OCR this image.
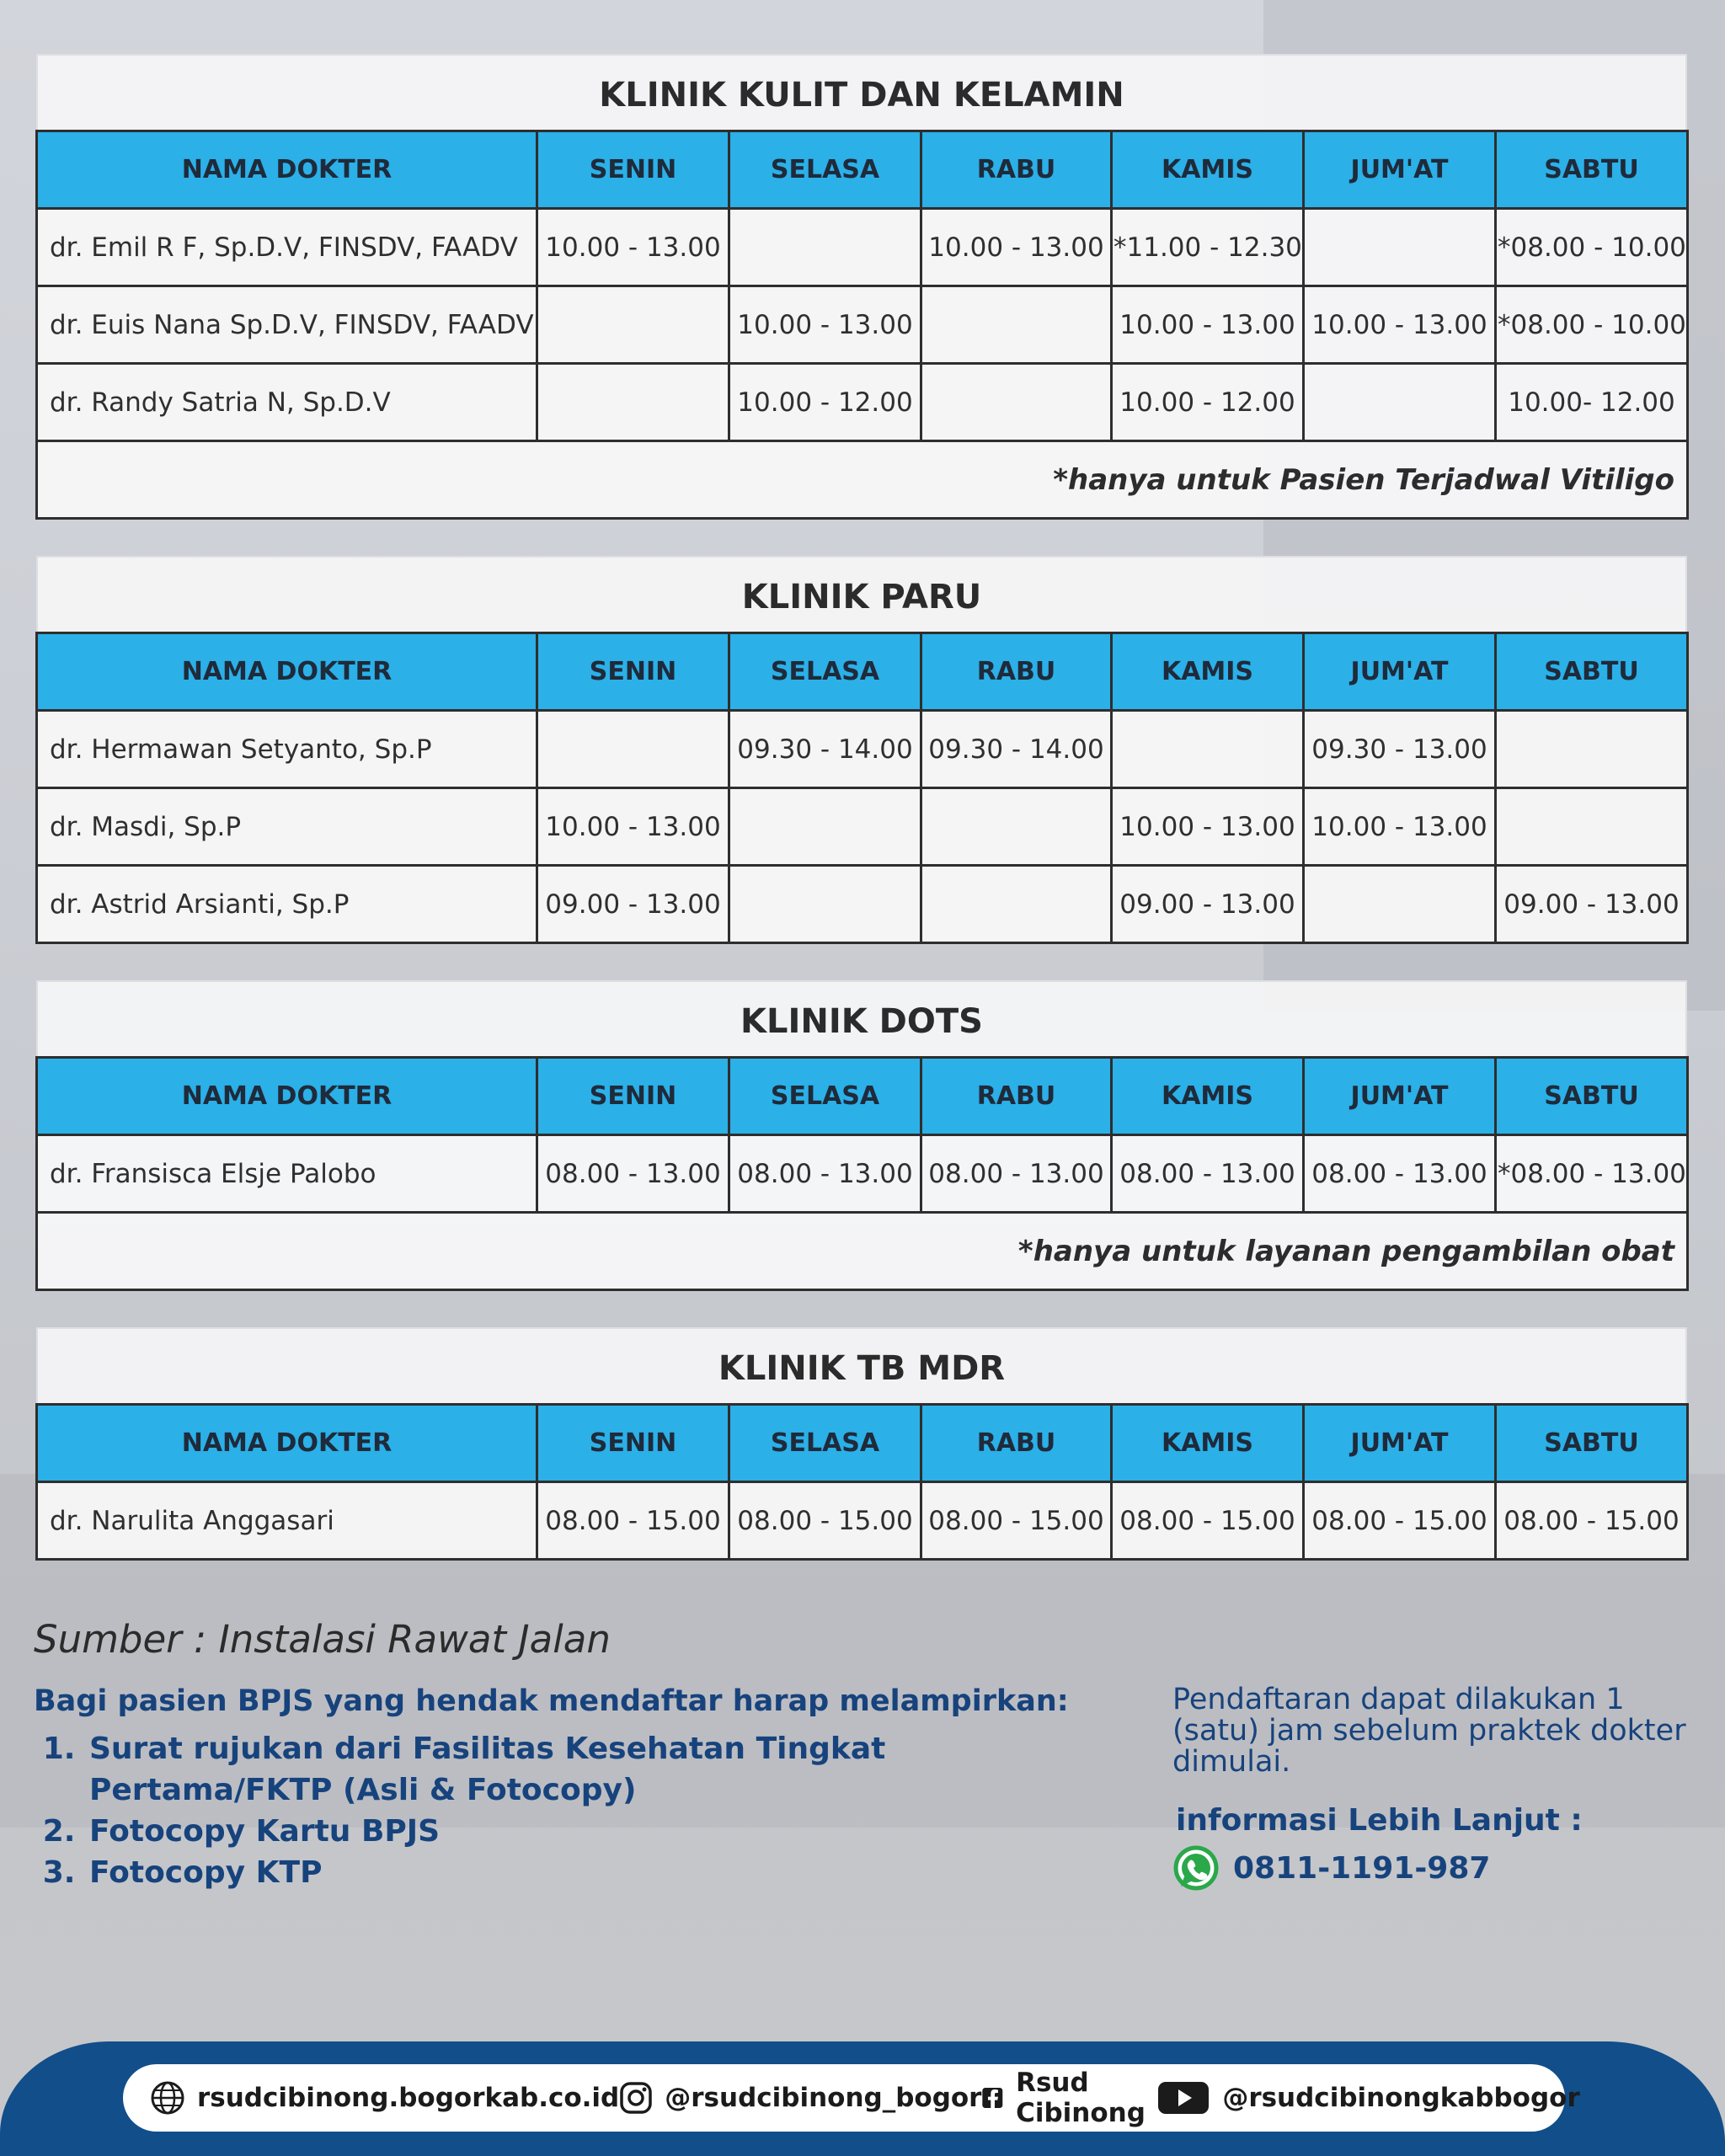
KLINIK KULIT DAN KELAMIN
NAMA DOKTER	SENIN	SELASA	RABU	KAMIS	JUM'AT	SABTU
dr. Emil R F, Sp.D.V, FINSDV, FAADV	10.00 - 13.00		10.00 - 13.00	*11.00 - 12.30		*08.00 - 10.00
dr. Euis Nana Sp.D.V, FINSDV, FAADV		10.00 - 13.00		10.00 - 13.00	10.00 - 13.00	*08.00 - 10.00
dr. Randy Satria N, Sp.D.V		10.00 - 12.00		10.00 - 12.00		10.00- 12.00
*hanya untuk Pasien Terjadwal Vitiligo						
KLINIK PARU
NAMA DOKTER	SENIN	SELASA	RABU	KAMIS	JUM'AT	SABTU
dr. Hermawan Setyanto, Sp.P		09.30 - 14.00	09.30 - 14.00		09.30 - 13.00	
dr. Masdi, Sp.P	10.00 - 13.00			10.00 - 13.00	10.00 - 13.00	
dr. Astrid Arsianti, Sp.P	09.00 - 13.00			09.00 - 13.00		09.00 - 13.00
KLINIK DOTS
NAMA DOKTER	SENIN	SELASA	RABU	KAMIS	JUM'AT	SABTU
dr. Fransisca Elsje Palobo	08.00 - 13.00	08.00 - 13.00	08.00 - 13.00	08.00 - 13.00	08.00 - 13.00	*08.00 - 13.00
*hanya untuk layanan pengambilan obat						
KLINIK TB MDR
NAMA DOKTER	SENIN	SELASA	RABU	KAMIS	JUM'AT	SABTU
dr. Narulita Anggasari	08.00 - 15.00	08.00 - 15.00	08.00 - 15.00	08.00 - 15.00	08.00 - 15.00	08.00 - 15.00
Sumber : Instalasi Rawat Jalan
Bagi pasien BPJS yang hendak mendaftar harap melampirkan:
1. Surat rujukan dari Fasilitas Kesehatan Tingkat Pertama/FKTP (Asli & Fotocopy)
2. Fotocopy Kartu BPJS
3. Fotocopy KTP
Pendaftaran dapat dilakukan 1 (satu) jam sebelum praktek dokter dimulai.
informasi Lebih Lanjut :
0811-1191-987
rsudcibinong.bogorkab.co.id @rsudcibinong_bogor Rsud Cibinong	@rsudcibinongkabbogor
